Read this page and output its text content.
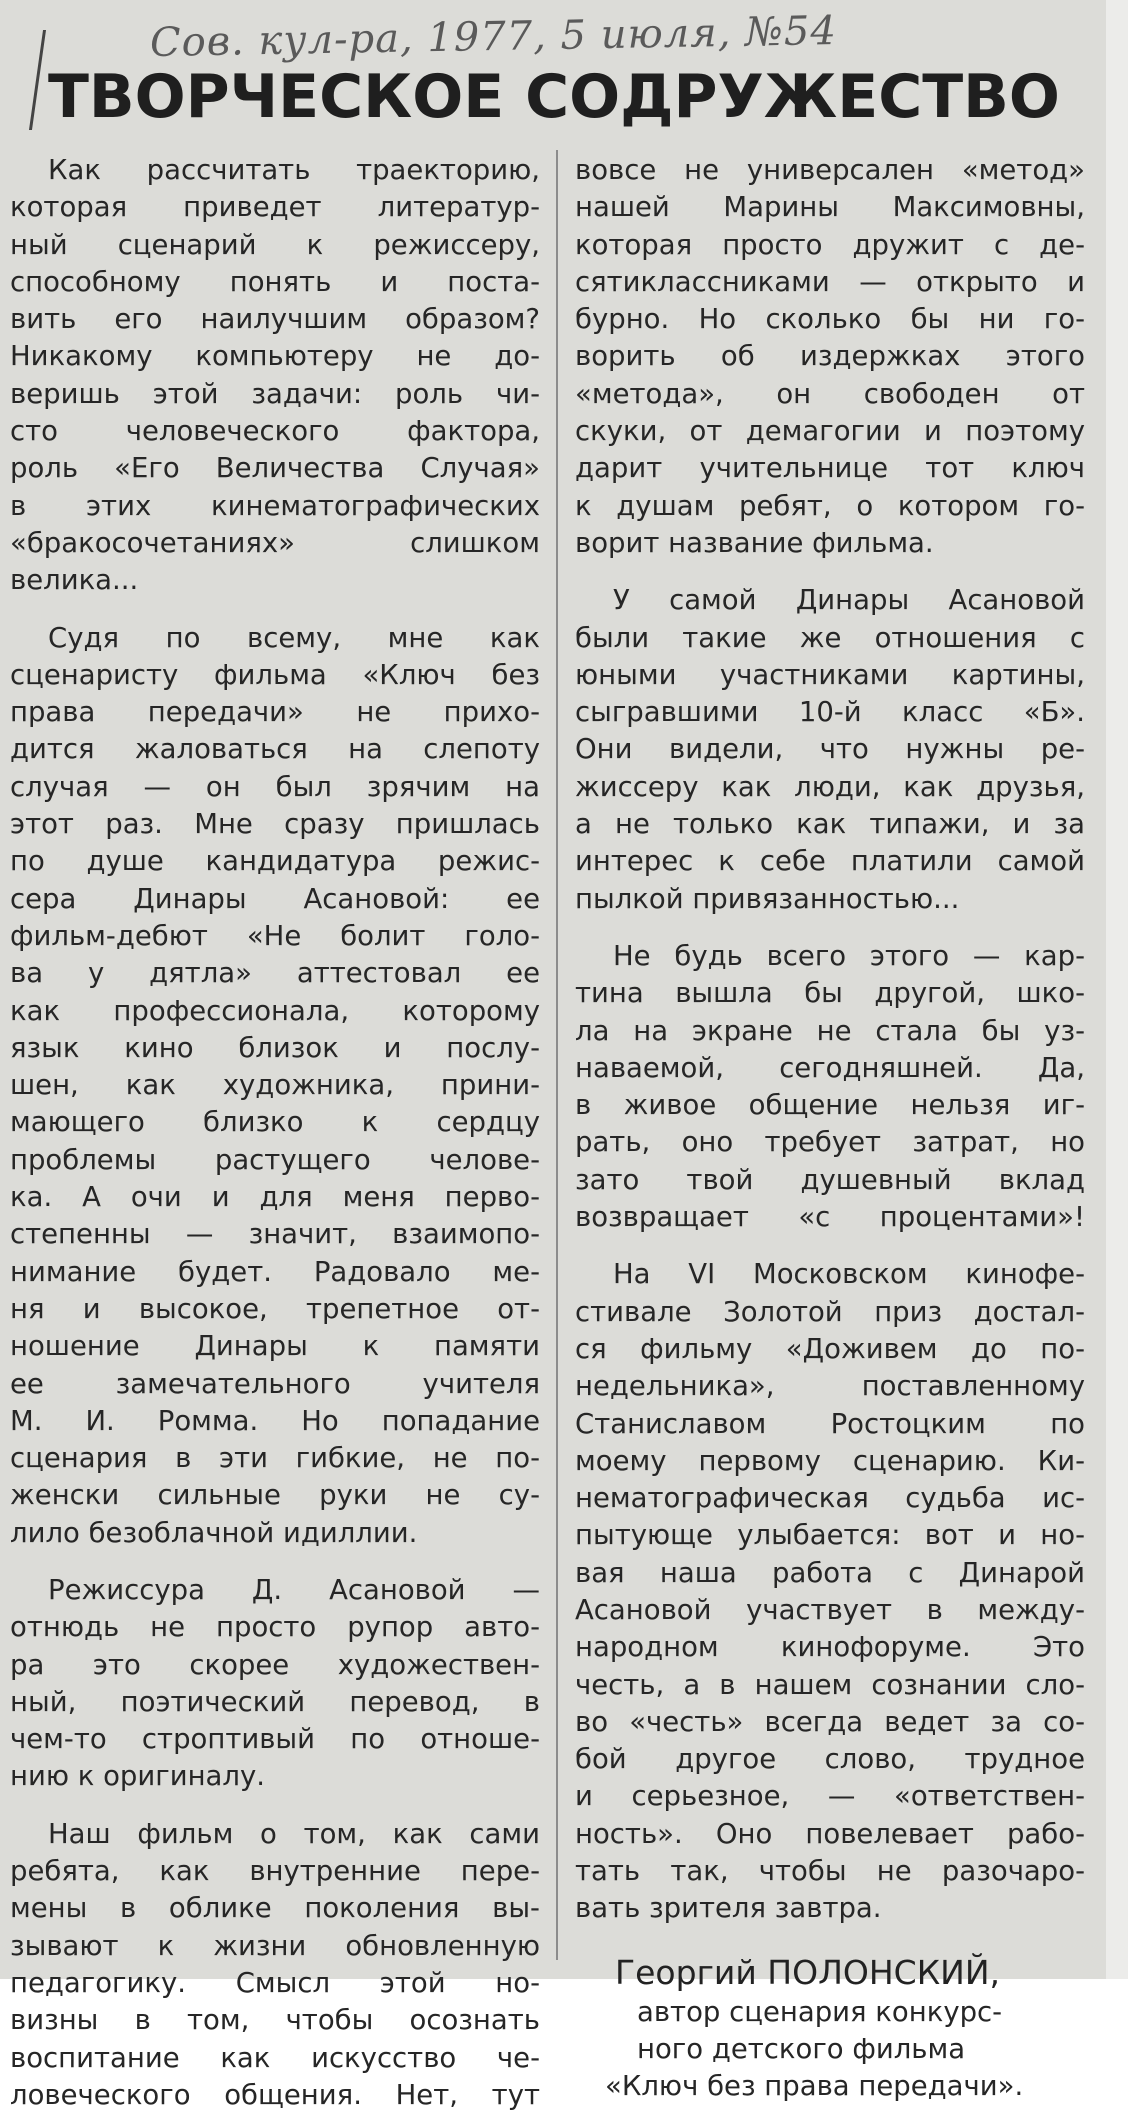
Сов. кул-ра, 1977, 5 июля, №54
ТВОРЧЕСКОЕ СОДРУЖЕСТВО
Как рассчитать траекторию,
которая приведет литератур-
ный сценарий к режиссеру,
способному понять и поста-
вить его наилучшим образом?
Никакому компьютеру не до-
веришь этой задачи: роль чи-
сто человеческого фактора,
роль «Его Величества Случая»
в этих кинематографических
«бракосочетаниях» слишком
велика...
Судя по всему, мне как
сценаристу фильма «Ключ без
права передачи» не прихо-
дится жаловаться на слепоту
случая — он был зрячим на
этот раз. Мне сразу пришлась
по душе кандидатура режис-
сера Динары Асановой: ее
фильм-дебют «Не болит голо-
ва у дятла» аттестовал ее
как профессионала, которому
язык кино близок и послу-
шен, как художника, прини-
мающего близко к сердцу
проблемы растущего челове-
ка. А очи и для меня перво-
степенны — значит, взаимопо-
нимание будет. Радовало ме-
ня и высокое, трепетное от-
ношение Динары к памяти
ее замечательного учителя
М. И. Ромма. Но попадание
сценария в эти гибкие, не по-
женски сильные руки не су-
лило безоблачной идиллии.
Режиссура Д. Асановой —
отнюдь не просто рупор авто-
ра это скорее художествен-
ный, поэтический перевод, в
чем-то строптивый по отноше-
нию к оригиналу.
Наш фильм о том, как сами
ребята, как внутренние пере-
мены в облике поколения вы-
зывают к жизни обновленную
педагогику. Смысл этой но-
визны в том, чтобы осознать
воспитание как искусство че-
ловеческого общения. Нет, тут
вовсе не универсален «метод»
нашей Марины Максимовны,
которая просто дружит с де-
сятиклассниками — открыто и
бурно. Но сколько бы ни го-
ворить об издержках этого
«метода», он свободен от
скуки, от демагогии и поэтому
дарит учительнице тот ключ
к душам ребят, о котором го-
ворит название фильма.
У самой Динары Асановой
были такие же отношения с
юными участниками картины,
сыгравшими 10-й класс «Б».
Они видели, что нужны ре-
жиссеру как люди, как друзья,
а не только как типажи, и за
интерес к себе платили самой
пылкой привязанностью...
Не будь всего этого — кар-
тина вышла бы другой, шко-
ла на экране не стала бы уз-
наваемой, сегодняшней. Да,
в живое общение нельзя иг-
рать, оно требует затрат, но
зато твой душевный вклад
возвращает «с процентами»!
На VI Московском кинофе-
стивале Золотой приз достал-
ся фильму «Доживем до по-
недельника», поставленному
Станиславом Ростоцким по
моему первому сценарию. Ки-
нематографическая судьба ис-
пытующе улыбается: вот и но-
вая наша работа с Динарой
Асановой участвует в между-
народном кинофоруме. Это
честь, а в нашем сознании сло-
во «честь» всегда ведет за со-
бой другое слово, трудное
и серьезное, — «ответствен-
ность». Оно повелевает рабо-
тать так, чтобы не разочаро-
вать зрителя завтра.
Георгий ПОЛОНСКИЙ,
автор сценария конкурс-
ного детского фильма
«Ключ без права передачи».
